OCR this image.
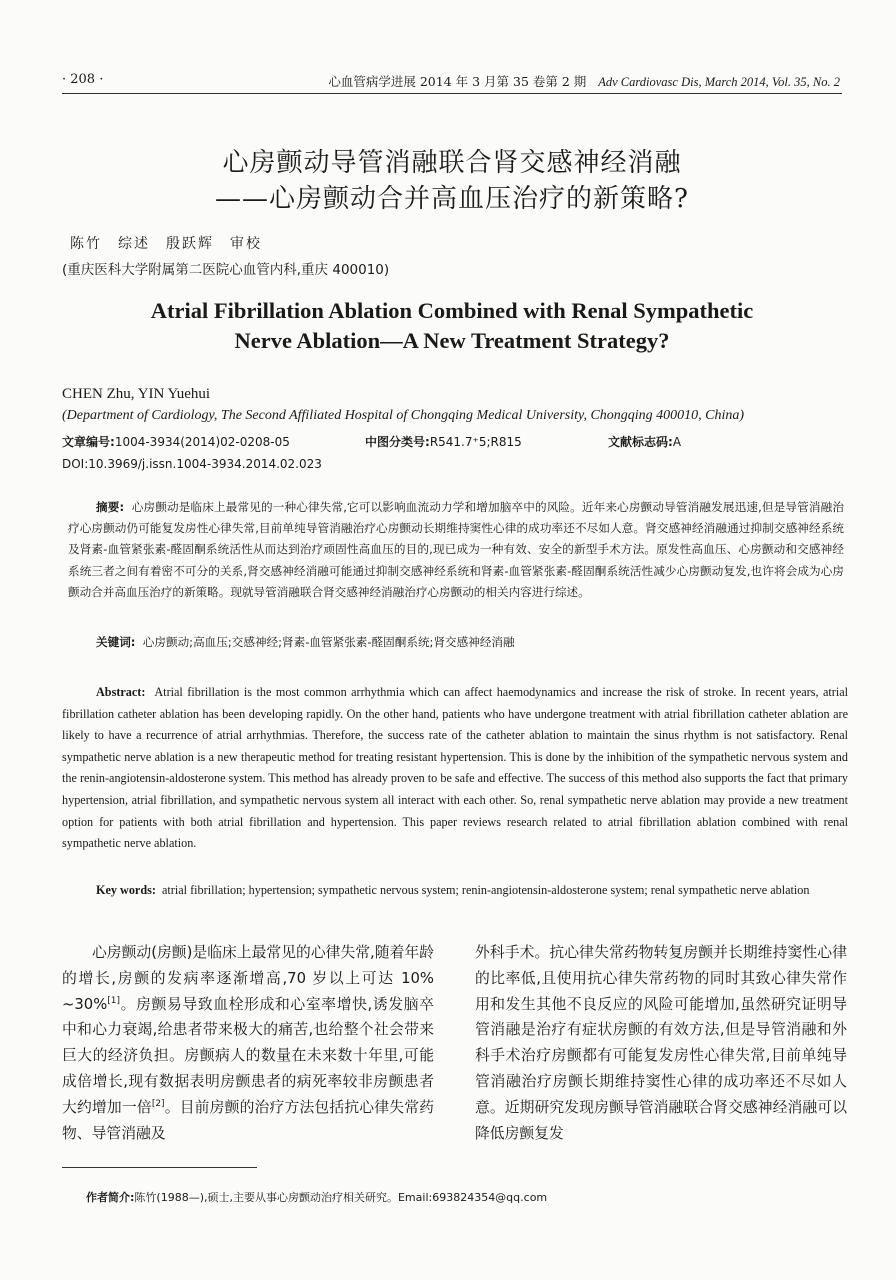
· 208 ·	心血管病学进展 2014 年 3 月第 35 卷第 2 期 Adv Cardiovasc Dis, March 2014, Vol. 35, No. 2
心房颤动导管消融联合肾交感神经消融
——心房颤动合并高血压治疗的新策略?
陈竹　综述　殷跃辉　审校
(重庆医科大学附属第二医院心血管内科,重庆 400010)
Atrial Fibrillation Ablation Combined with Renal Sympathetic
Nerve Ablation—A New Treatment Strategy?
CHEN Zhu, YIN Yuehui
(Department of Cardiology, The Second Affiliated Hospital of Chongqing Medical University, Chongqing 400010, China)
文章编号:1004-3934(2014)02-0208-05	中图分类号:R541.7⁺5;R815	文献标志码:A
DOI:10.3969/j.issn.1004-3934.2014.02.023
摘要: 心房颤动是临床上最常见的一种心律失常,它可以影响血流动力学和增加脑卒中的风险。近年来心房颤动导管消融发展迅速,但是导管消融治疗心房颤动仍可能复发房性心律失常,目前单纯导管消融治疗心房颤动长期维持窦性心律的成功率还不尽如人意。肾交感神经消融通过抑制交感神经系统及肾素-血管紧张素-醛固酮系统活性从而达到治疗顽固性高血压的目的,现已成为一种有效、安全的新型手术方法。原发性高血压、心房颤动和交感神经系统三者之间有着密不可分的关系,肾交感神经消融可能通过抑制交感神经系统和肾素-血管紧张素-醛固酮系统活性减少心房颤动复发,也许将会成为心房颤动合并高血压治疗的新策略。现就导管消融联合肾交感神经消融治疗心房颤动的相关内容进行综述。
关键词: 心房颤动;高血压;交感神经;肾素-血管紧张素-醛固酮系统;肾交感神经消融
Abstract: Atrial fibrillation is the most common arrhythmia which can affect haemodynamics and increase the risk of stroke. In recent years, atrial fibrillation catheter ablation has been developing rapidly. On the other hand, patients who have undergone treatment with atrial fibrillation catheter ablation are likely to have a recurrence of atrial arrhythmias. Therefore, the success rate of the catheter ablation to maintain the sinus rhythm is not satisfactory. Renal sympathetic nerve ablation is a new therapeutic method for treating resistant hypertension. This is done by the inhibition of the sympathetic nervous system and the renin-angiotensin-aldosterone system. This method has already proven to be safe and effective. The success of this method also supports the fact that primary hypertension, atrial fibrillation, and sympathetic nervous system all interact with each other. So, renal sympathetic nerve ablation may provide a new treatment option for patients with both atrial fibrillation and hypertension. This paper reviews research related to atrial fibrillation ablation combined with renal sympathetic nerve ablation.
Key words: atrial fibrillation; hypertension; sympathetic nervous system; renin-angiotensin-aldosterone system; renal sympathetic nerve ablation
心房颤动(房颤)是临床上最常见的心律失常,随着年龄的增长,房颤的发病率逐渐增高,70 岁以上可达 10% ~30%[1]。房颤易导致血栓形成和心室率增快,诱发脑卒中和心力衰竭,给患者带来极大的痛苦,也给整个社会带来巨大的经济负担。房颤病人的数量在未来数十年里,可能成倍增长,现有数据表明房颤患者的病死率较非房颤患者大约增加一倍[2]。目前房颤的治疗方法包括抗心律失常药物、导管消融及
外科手术。抗心律失常药物转复房颤并长期维持窦性心律的比率低,且使用抗心律失常药物的同时其致心律失常作用和发生其他不良反应的风险可能增加,虽然研究证明导管消融是治疗有症状房颤的有效方法,但是导管消融和外科手术治疗房颤都有可能复发房性心律失常,目前单纯导管消融治疗房颤长期维持窦性心律的成功率还不尽如人意。近期研究发现房颤导管消融联合肾交感神经消融可以降低房颤复发
作者简介:陈竹(1988—),硕士,主要从事心房颤动治疗相关研究。Email:693824354@qq.com
